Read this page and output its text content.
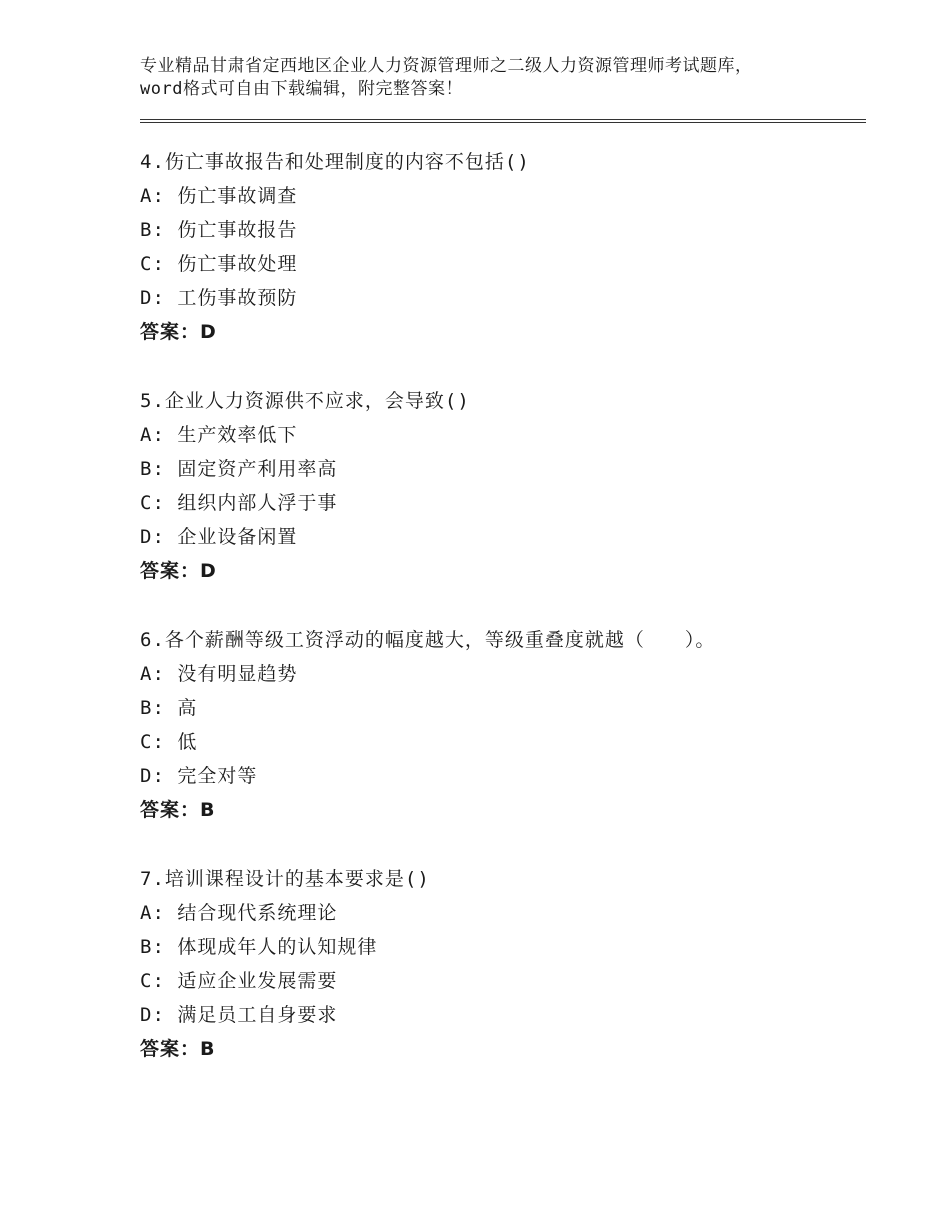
专业精品甘肃省定西地区企业人力资源管理师之二级人力资源管理师考试题库，word格式可自由下载编辑，附完整答案！
4.伤亡事故报告和处理制度的内容不包括()
A: 伤亡事故调查
B: 伤亡事故报告
C: 伤亡事故处理
D: 工伤事故预防
答案：D
5.企业人力资源供不应求，会导致()
A: 生产效率低下
B: 固定资产利用率高
C: 组织内部人浮于事
D: 企业设备闲置
答案：D
6.各个薪酬等级工资浮动的幅度越大，等级重叠度就越（　　）。
A: 没有明显趋势
B: 高
C: 低
D: 完全对等
答案：B
7.培训课程设计的基本要求是()
A: 结合现代系统理论
B: 体现成年人的认知规律
C: 适应企业发展需要
D: 满足员工自身要求
答案：B
